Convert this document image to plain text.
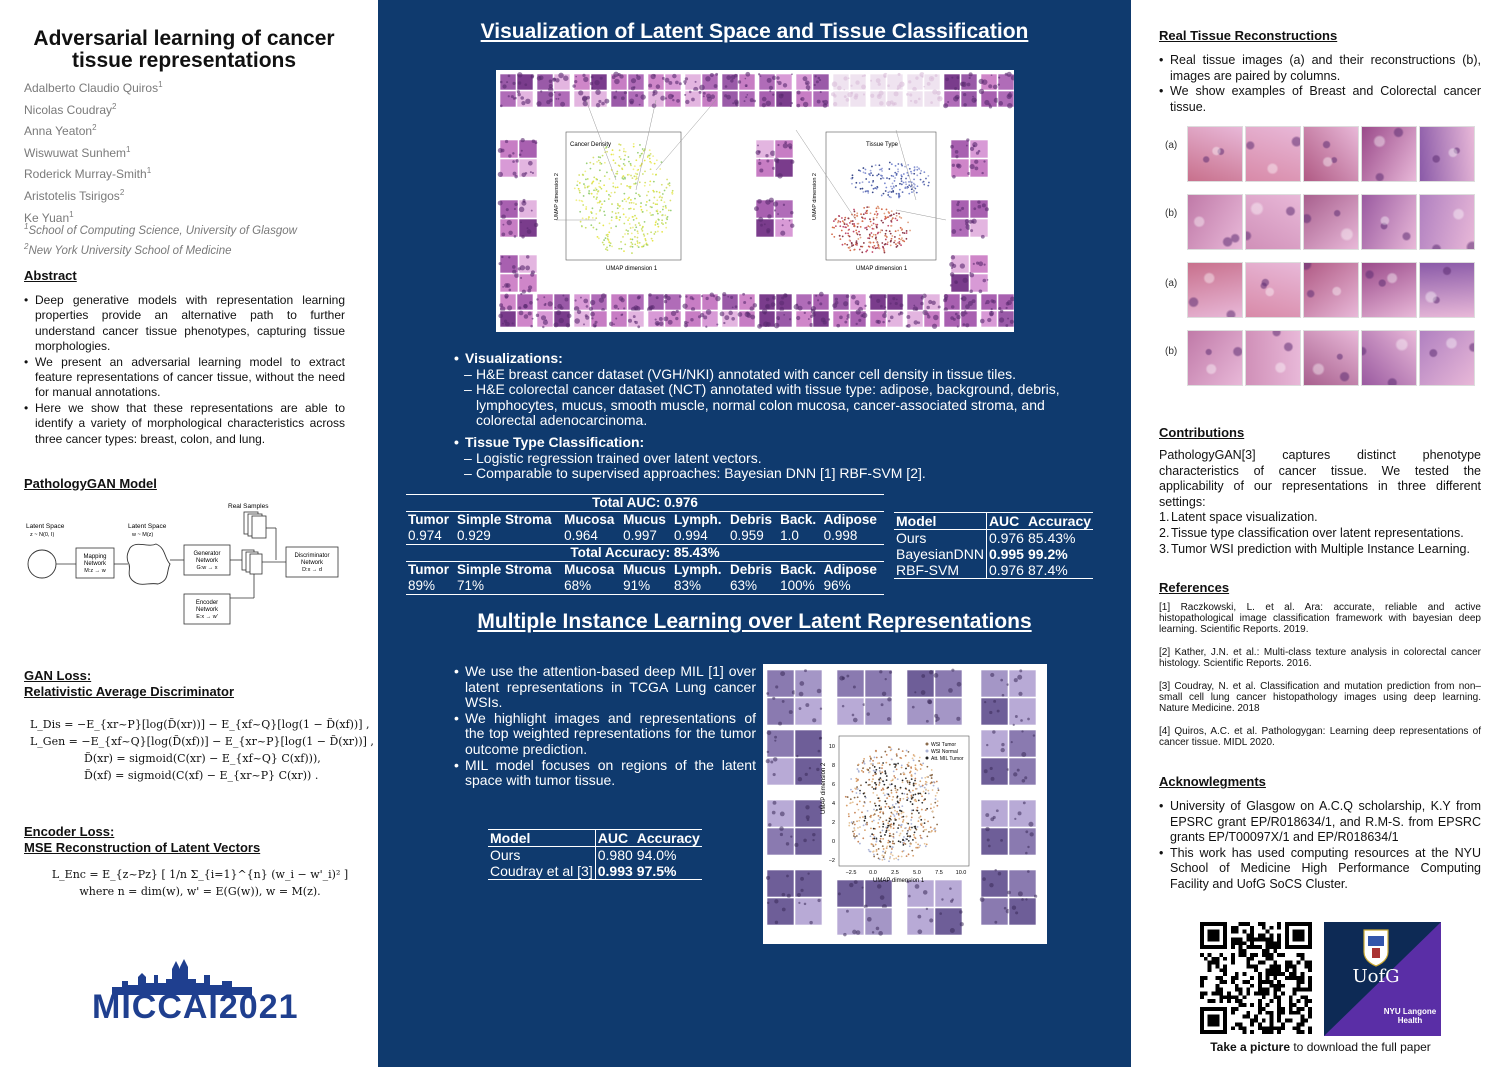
Adversarial learning of cancer tissue representations
Adalberto Claudio Quiros$^1$
Nicolas Coudray$^2$
Anna Yeaton$^2$
Wiswuwat Sunhem$^1$
Roderick Murray-Smith$^1$
Aristotelis Tsirigos$^2$
Ke Yuan$^1$
$^1$School of Computing Science, University of Glasgow
$^2$New York University School of Medicine
Abstract
• Deep generative models with representation learning properties provide an alternative path to further understand cancer tissue phenotypes, capturing tissue morphologies.
• We present an adversarial learning model to extract feature representations of cancer tissue, without the need for manual annotations.
• Here we show that these representations are able to identify a variety of morphological characteristics across three cancer types: breast, colon, and lung.
PathologyGAN Model
Real Samples
Latent Space
z ~ N(0, I)
Mapping
Network
M:z → w
Latent Space
w ~ M(z)
Generator
Network
G:w → x
Discriminator
Network
D:x → d
Encoder
Network
E:x → w'
GAN Loss:
Relativistic Average Discriminator
L_Dis = −E_{xr~P}[log(D̃(xr))] − E_{xf~Q}[log(1 − D̃(xf))] ,
L_Gen = −E_{xf~Q}[log(D̃(xf))] − E_{xr~P}[log(1 − D̃(xr))] ,
D̃(xr) = sigmoid(C(xr) − E_{xf~Q} C(xf))),
D̃(xf) = sigmoid(C(xf) − E_{xr~P} C(xr)) .
Encoder Loss:
MSE Reconstruction of Latent Vectors
L_Enc = E_{z~Pz} [ 1/n Σ_{i=1}^{n} (w_i − w'_i)² ]
where n = dim(w), w' = E(G(w)), w = M(z).
MICCAI2021
Visualization of Latent Space and Tissue Classification
Cancer Density
UMAP dimension 1
Tissue Type
UMAP dimension 1
UMAP dimension 2
UMAP dimension 2
• Visualizations:
– H&E breast cancer dataset (VGH/NKI) annotated with cancer cell density in tissue tiles.
– H&E colorectal cancer dataset (NCT) annotated with tissue type: adipose, background, debris, lymphocytes, mucus, smooth muscle, normal colon mucosa, cancer-associated stroma, and colorectal adenocarcinoma.
• Tissue Type Classification:
– Logistic regression trained over latent vectors.
– Comparable to supervised approaches: Bayesian DNN [1] RBF-SVM [2].
Total AUC: 0.976							
Tumor	Simple Stroma	Mucosa	Mucus	Lymph.	Debris	Back.	Adipose
0.974	0.929	0.964	0.997	0.994	0.959	1.0	0.998
Total Accuracy: 85.43%							
Tumor	Simple Stroma	Mucosa	Mucus	Lymph.	Debris	Back.	Adipose
89%	71%	68%	91%	83%	63%	100%	96%
Model	AUC	Accuracy
Ours	0.976	85.43%
BayesianDNN	0.995	99.2%
RBF-SVM	0.976	87.4%
Multiple Instance Learning over Latent Representations
• We use the attention-based deep MIL [1] over latent representations in TCGA Lung cancer WSIs.
• We highlight images and representations of the top weighted representations for the tumor outcome prediction.
• MIL model focuses on regions of the latent space with tumor tissue.
Model	AUC	Accuracy
Ours	0.980	94.0%
Coudray et al [3]	0.993	97.5%
WSI Tumor
WSI Normal
Att. MIL Tumor
−2.5 0.0	2.5	5.0	7.5 10.0
10
8
6
4
2
0
−2
UMAP dimension 1
UMAP dimension 2
Real Tissue Reconstructions
• Real tissue images (a) and their reconstructions (b), images are paired by columns.
• We show examples of Breast and Colorectal cancer tissue.
(a)
(b)
(a)
(b)
Contributions
PathologyGAN[3] captures distinct phenotype characteristics of cancer tissue. We tested the applicability of our representations in three different settings:
1. Latent space visualization.
2. Tissue type classification over latent representations.
3. Tumor WSI prediction with Multiple Instance Learning.
References

[1] Raczkowski, L. et al. Ara: accurate, reliable and active histopathological image classification framework with bayesian deep learning. Scientific Reports. 2019.

[2] Kather, J.N. et al.: Multi-class texture analysis in colorectal cancer histology. Scientific Reports. 2016.

[3] Coudray, N. et al. Classification and mutation prediction from non–small cell lung cancer histopathology images using deep learning. Nature Medicine. 2018

[4] Quiros, A.C. et al. Pathologygan: Learning deep representations of cancer tissue. MIDL 2020.

Acknowlegments
• University of Glasgow on A.C.Q scholarship, K.Y from EPSRC grant EP/R018634/1, and R.M-S. from EPSRC grants EP/T00097X/1 and EP/R018634/1
• This work has used computing resources at the NYU School of Medicine High Performance Computing Facility and UofG SoCS Cluster.
UofG
NYU Langone
Health
Take a picture to download the full paper
